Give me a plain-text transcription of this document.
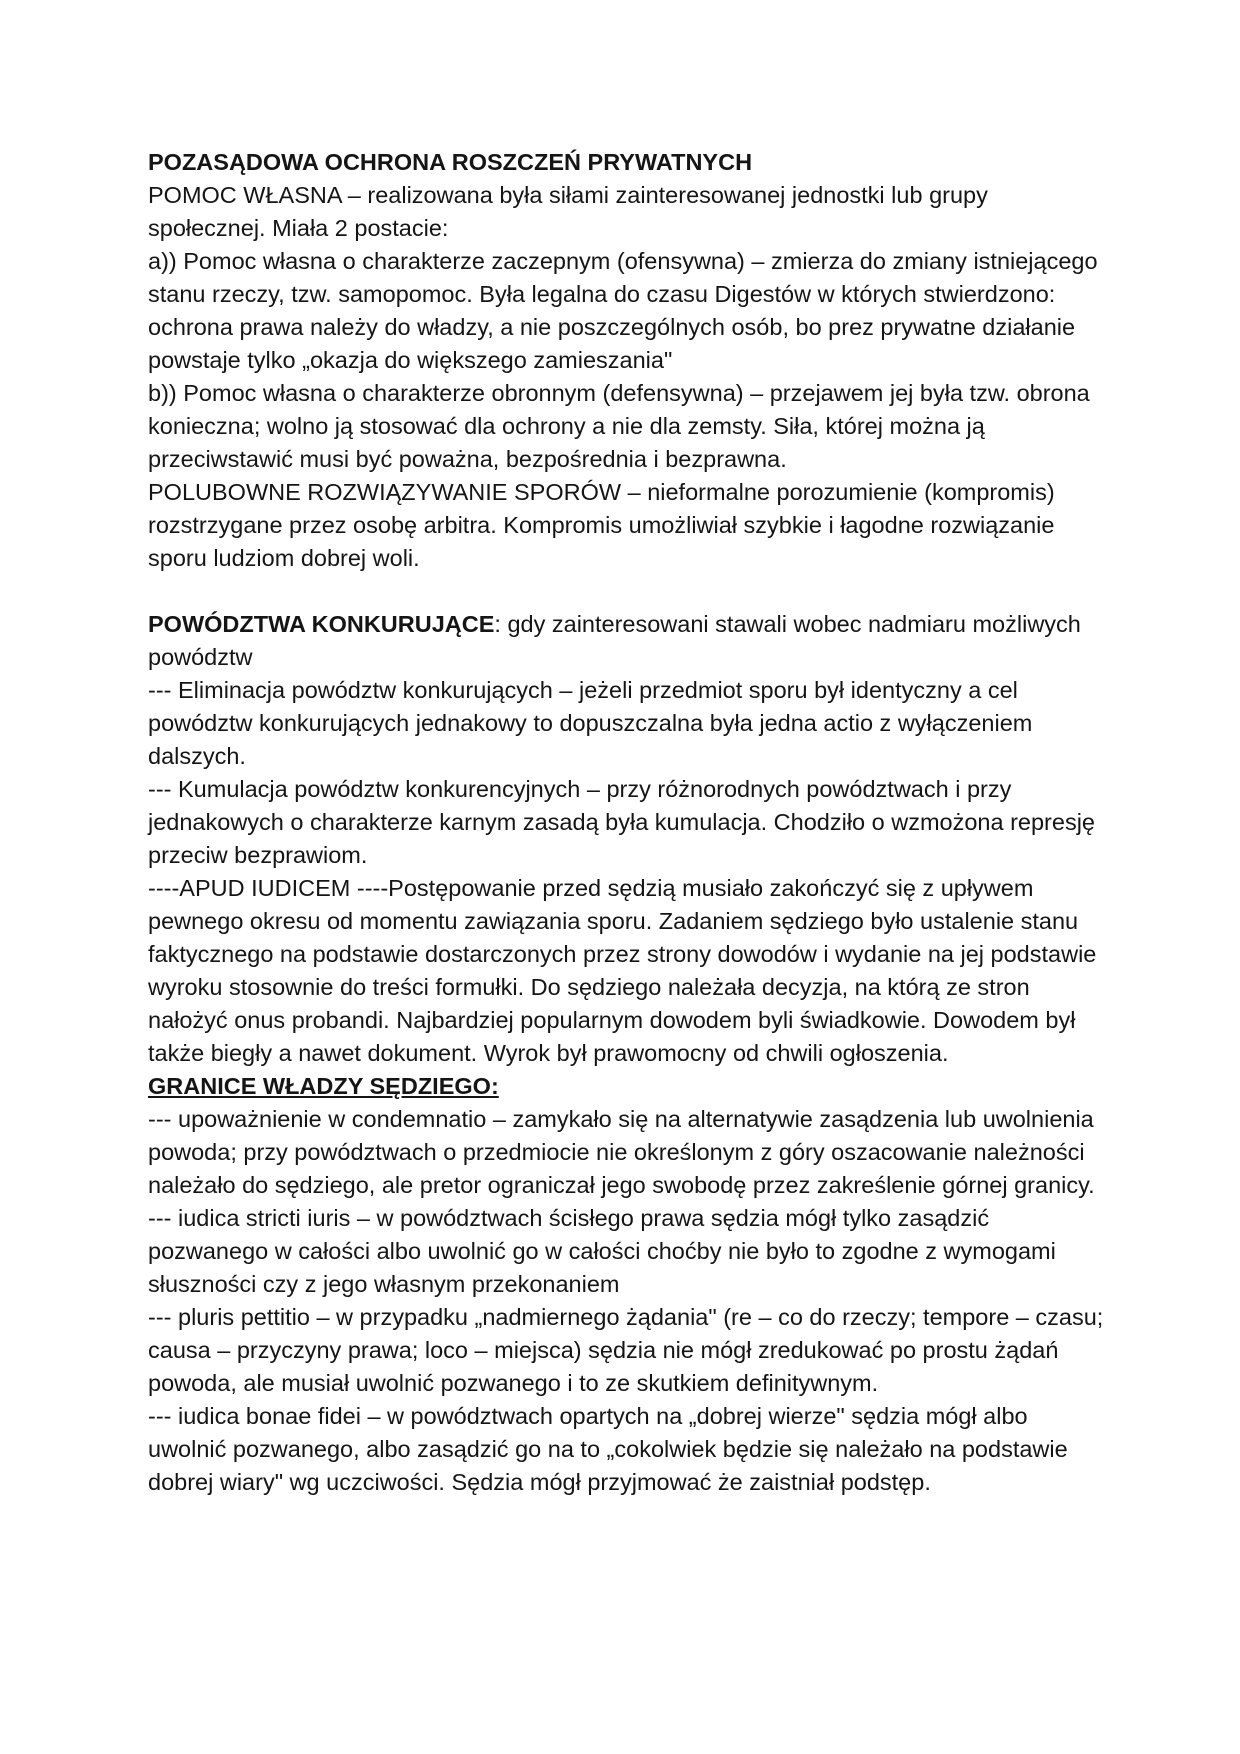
POZASĄDOWA OCHRONA ROSZCZEŃ PRYWATNYCH

POMOC WŁASNA – realizowana była siłami zainteresowanej jednostki lub grupy społecznej. Miała 2 postacie:

a)) Pomoc własna o charakterze zaczepnym (ofensywna) – zmierza do zmiany istniejącego stanu rzeczy, tzw. samopomoc. Była legalna do czasu Digestów w których stwierdzono: ochrona prawa należy do władzy, a nie poszczególnych osób, bo prez prywatne działanie powstaje tylko „okazja do większego zamieszania"

b)) Pomoc własna o charakterze obronnym (defensywna) – przejawem jej była tzw. obrona konieczna; wolno ją stosować dla ochrony a nie dla zemsty. Siła, której można ją przeciwstawić musi być poważna, bezpośrednia i bezprawna.

POLUBOWNE ROZWIĄZYWANIE SPORÓW – nieformalne porozumienie (kompromis) rozstrzygane przez osobę arbitra. Kompromis umożliwiał szybkie i łagodne rozwiązanie sporu ludziom dobrej woli.

POWÓDZTWA KONKURUJĄCE: gdy zainteresowani stawali wobec nadmiaru możliwych powództw

--- Eliminacja powództw konkurujących – jeżeli przedmiot sporu był identyczny a cel powództw konkurujących jednakowy to dopuszczalna była jedna actio z wyłączeniem dalszych.

--- Kumulacja powództw konkurencyjnych – przy różnorodnych powództwach i przy jednakowych o charakterze karnym zasadą była kumulacja. Chodziło o wzmożona represję przeciw bezprawiom.

----APUD IUDICEM ----Postępowanie przed sędzią musiało zakończyć się z upływem pewnego okresu od momentu zawiązania sporu. Zadaniem sędziego było ustalenie stanu faktycznego na podstawie dostarczonych przez strony dowodów i wydanie na jej podstawie wyroku stosownie do treści formułki. Do sędziego należała decyzja, na którą ze stron nałożyć onus probandi. Najbardziej popularnym dowodem byli świadkowie. Dowodem był także biegły a nawet dokument. Wyrok był prawomocny od chwili ogłoszenia.

GRANICE WŁADZY SĘDZIEGO:

--- upoważnienie w condemnatio – zamykało się na alternatywie zasądzenia lub uwolnienia powoda; przy powództwach o przedmiocie nie określonym z góry oszacowanie należności należało do sędziego, ale pretor ograniczał jego swobodę przez zakreślenie górnej granicy.

--- iudica stricti iuris – w powództwach ścisłego prawa sędzia mógł tylko zasądzić pozwanego w całości albo uwolnić go w całości choćby nie było to zgodne z wymogami słuszności czy z jego własnym przekonaniem

--- pluris pettitio – w przypadku „nadmiernego żądania" (re – co do rzeczy; tempore – czasu; causa – przyczyny prawa; loco – miejsca) sędzia nie mógł zredukować po prostu żądań powoda, ale musiał uwolnić pozwanego i to ze skutkiem definitywnym.

--- iudica bonae fidei – w powództwach opartych na „dobrej wierze" sędzia mógł albo uwolnić pozwanego, albo zasądzić go na to „cokolwiek będzie się należało na podstawie dobrej wiary" wg uczciwości. Sędzia mógł przyjmować że zaistniał podstęp.
